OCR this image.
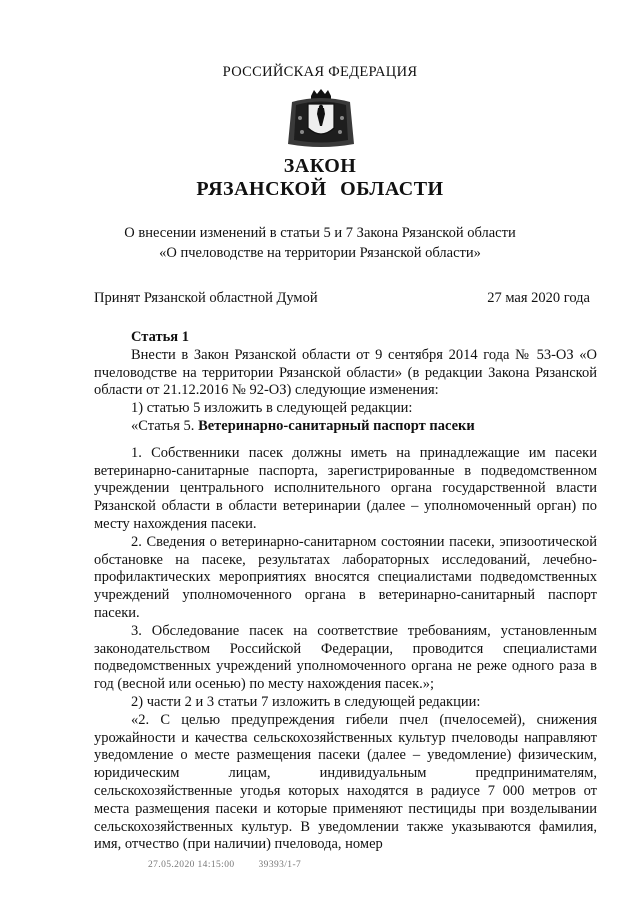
РОССИЙСКАЯ ФЕДЕРАЦИЯ
ЗАКОН
РЯЗАНСКОЙ ОБЛАСТИ
О внесении изменений в статьи 5 и 7 Закона Рязанской области
«О пчеловодстве на территории Рязанской области»
Принят Рязанской областной Думой	27 мая 2020 года

Статья 1

Внести в Закон Рязанской области от 9 сентября 2014 года № 53-ОЗ «О пчеловодстве на территории Рязанской области» (в редакции Закона Рязанской области от 21.12.2016 № 92-ОЗ) следующие изменения:

1) статью 5 изложить в следующей редакции:

«Статья 5. Ветеринарно-санитарный паспорт пасеки

1. Собственники пасек должны иметь на принадлежащие им пасеки ветеринарно-санитарные паспорта, зарегистрированные в подведомственном учреждении центрального исполнительного органа государственной власти Рязанской области в области ветеринарии (далее – уполномоченный орган) по месту нахождения пасеки.

2. Сведения о ветеринарно-санитарном состоянии пасеки, эпизоотической обстановке на пасеке, результатах лабораторных исследований, лечебно-профилактических мероприятиях вносятся специалистами подведомственных учреждений уполномоченного органа в ветеринарно-санитарный паспорт пасеки.

3. Обследование пасек на соответствие требованиям, установленным законодательством Российской Федерации, проводится специалистами подведомственных учреждений уполномоченного органа не реже одного раза в год (весной или осенью) по месту нахождения пасек.»;

2) части 2 и 3 статьи 7 изложить в следующей редакции:

«2. С целью предупреждения гибели пчел (пчелосемей), снижения урожайности и качества сельскохозяйственных культур пчеловоды направляют уведомление о месте размещения пасеки (далее – уведомление) физическим, юридическим лицам, индивидуальным предпринимателям, сельскохозяйственные угодья которых находятся в радиусе 7 000 метров от места размещения пасеки и которые применяют пестициды при возделывании сельскохозяйственных культур. В уведомлении также указываются фамилия, имя, отчество (при наличии) пчеловода, номер

27.05.2020 14:15:00	39393/1-7
